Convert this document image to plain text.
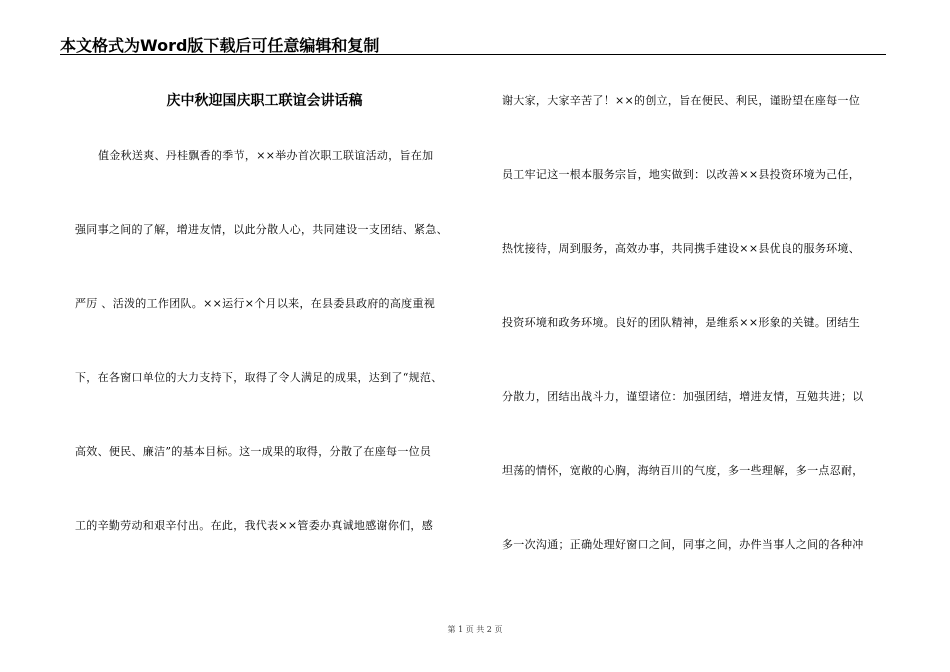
本文格式为Word版下载后可任意编辑和复制
庆中秋迎国庆职工联谊会讲话稿
值金秋送爽、丹桂飘香的季节，××举办首次职工联谊活动，旨在加
强同事之间的了解，增进友情，以此分散人心，共同建设一支团结、紧急、
严厉 、活泼的工作团队。××运行×个月以来，在县委县政府的高度重视
下，在各窗口单位的大力支持下，取得了令人满足的成果，达到了“规范、
高效、便民、廉洁”的基本目标。这一成果的取得，分散了在座每一位员
工的辛勤劳动和艰辛付出。在此，我代表××管委办真诚地感谢你们，感
谢大家，大家辛苦了！××的创立，旨在便民、利民，谨盼望在座每一位
员工牢记这一根本服务宗旨，地实做到：以改善××县投资环境为己任，
热忱接待，周到服务，高效办事，共同携手建设××县优良的服务环境、
投资环境和政务环境。良好的团队精神，是维系××形象的关键。团结生
分散力，团结出战斗力，谨望诸位：加强团结，增进友情，互勉共进；以
坦荡的情怀，宽敞的心胸，海纳百川的气度，多一些理解，多一点忍耐，
多一次沟通；正确处理好窗口之间，同事之间，办件当事人之间的各种冲
第 1 页 共 2 页
